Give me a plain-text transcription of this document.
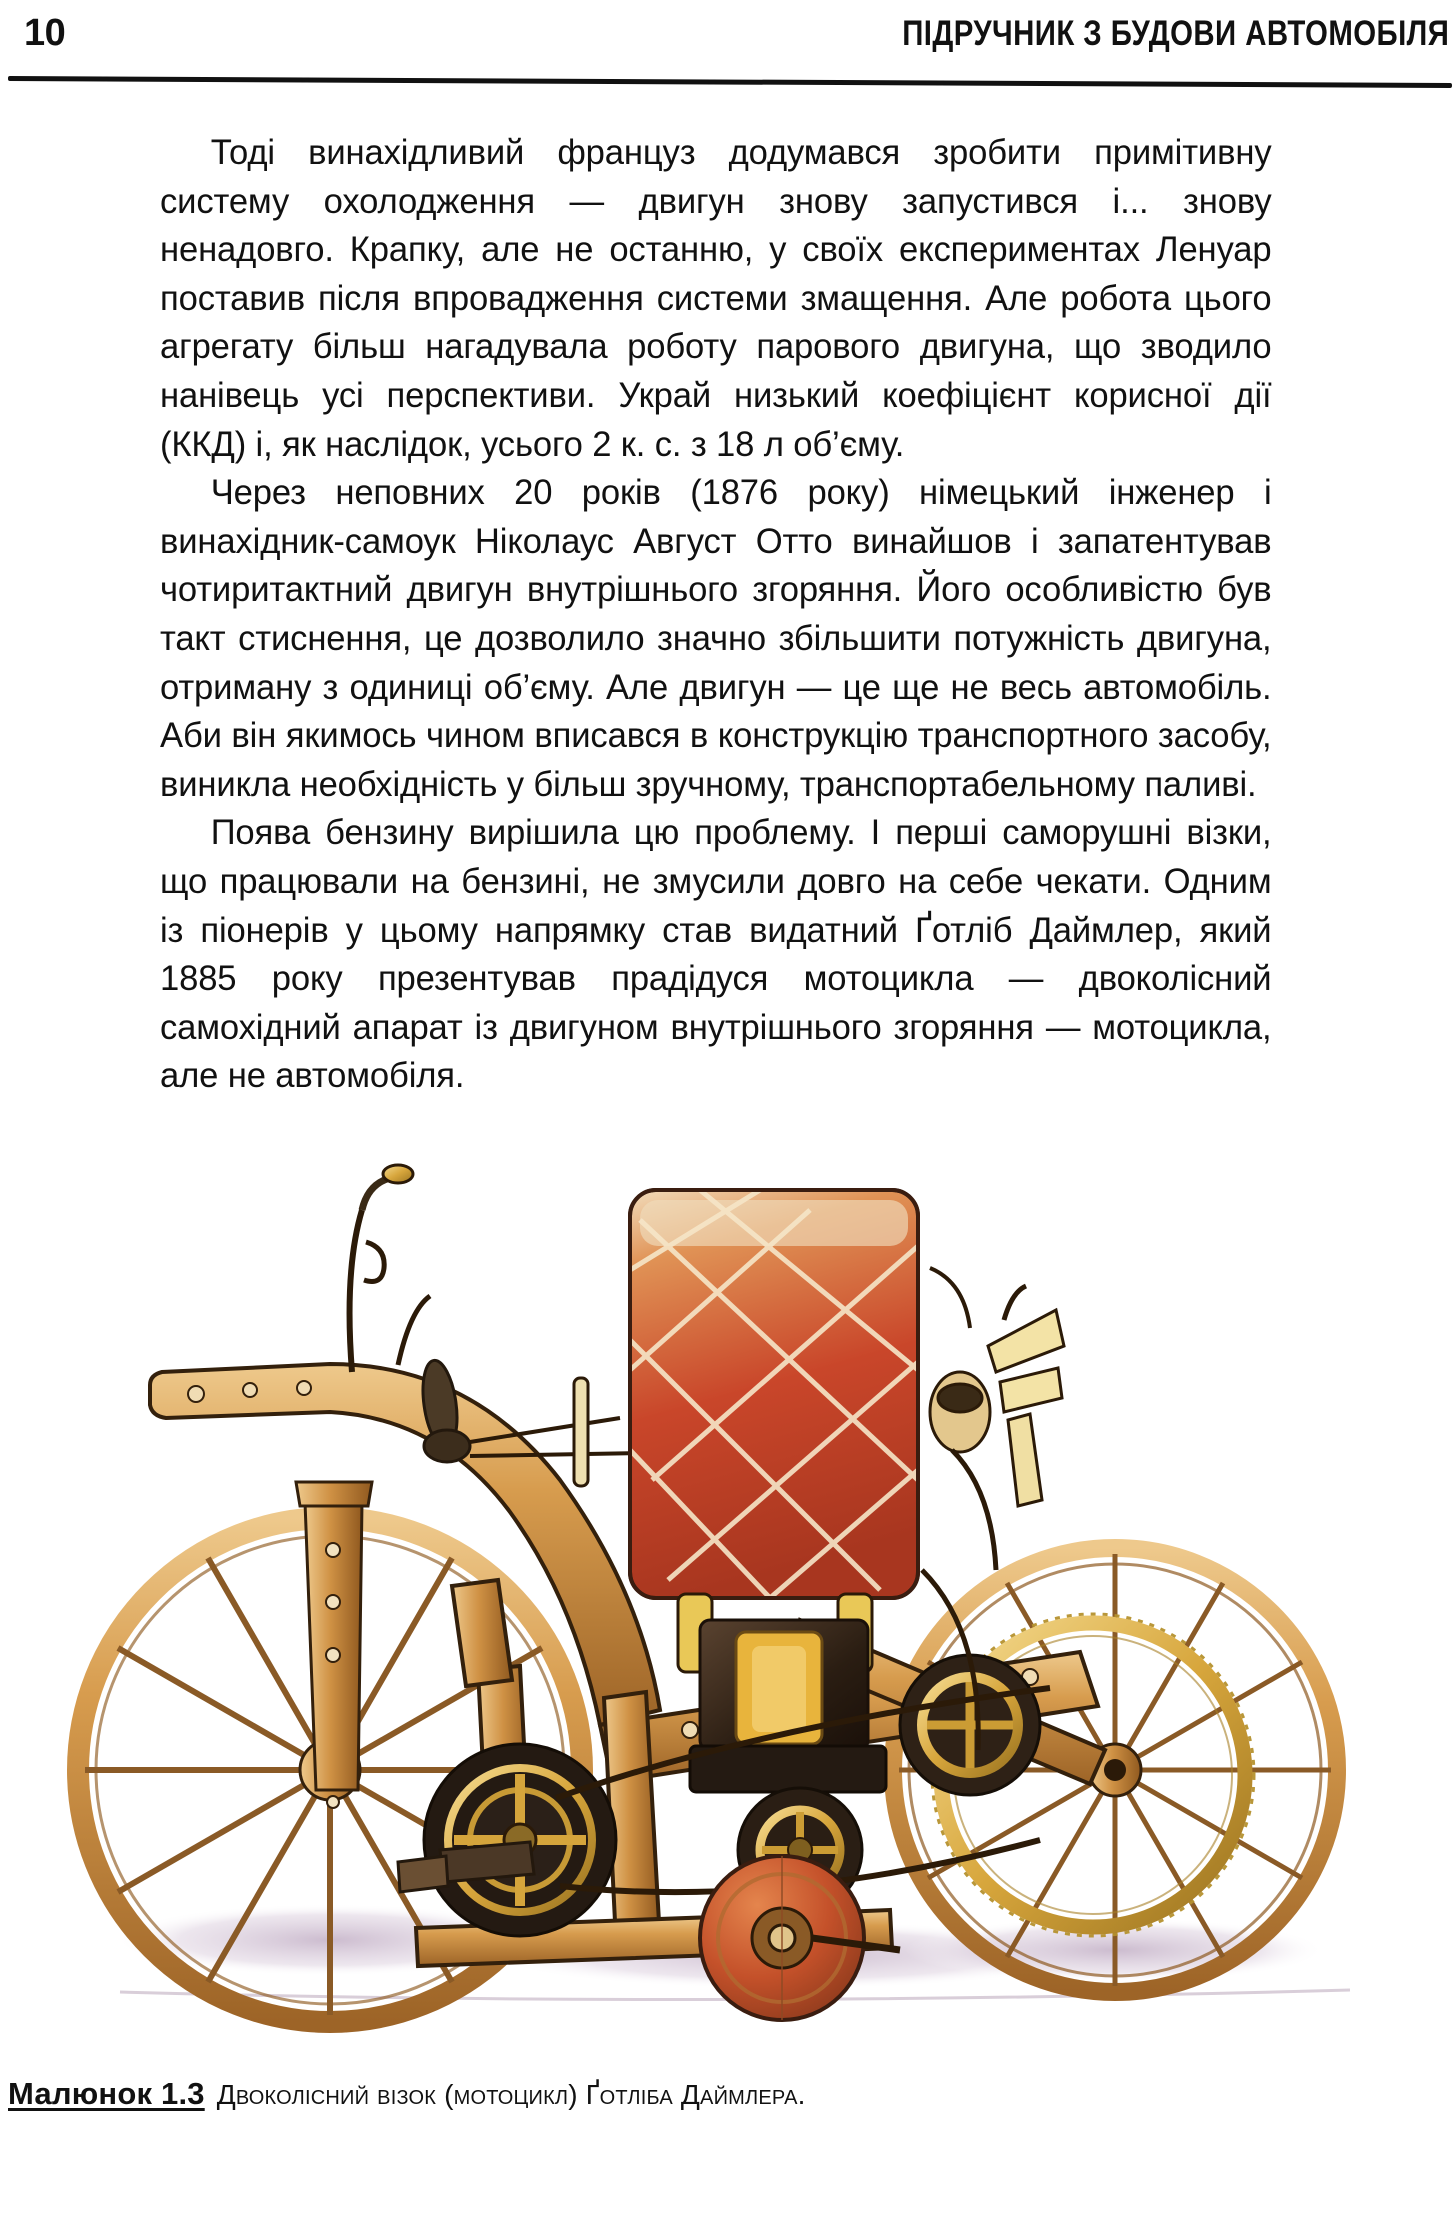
10	ПІДРУЧНИК З БУДОВИ АВТОМОБІЛЯ

Тоді винахідливий француз додумався зробити примітивну систему охолодження — двигун знову запустився і... знову ненадовго. Крапку, але не останню, у своїх експериментах Ленуар поставив після впровадження системи змащення. Але робота цього агрегату більш нагадувала роботу парового двигуна, що зводило нанівець усі перспективи. Украй низький коефіцієнт корисної дії (ККД) і, як наслідок, усього 2 к. с. з 18 л об’єму.

Через неповних 20 років (1876 року) німецький інженер і винахідник-самоук Ніколаус Август Отто винайшов і запатентував чотиритактний двигун внутрішнього згоряння. Його особливістю був такт стиснення, це дозволило значно збільшити потужність двигуна, отриману з одиниці об’єму. Але двигун — це ще не весь автомобіль. Аби він якимось чином вписався в конструкцію транспортного засобу, виникла необхідність у більш зручному, транспортабельному паливі.

Поява бензину вирішила цю проблему. І перші саморушні візки, що працювали на бензині, не змусили довго на себе чекати. Одним із піонерів у цьому напрямку став видатний Ґотліб Даймлер, який 1885 року презентував прадідуся мотоцикла — двоколісний самохідний апарат із двигуном внутрішнього згоряння — мотоцикла, але не автомобіля.

Малюнок 1.3 Двоколісний візок (мотоцикл) Ґотліба Даймлера.
